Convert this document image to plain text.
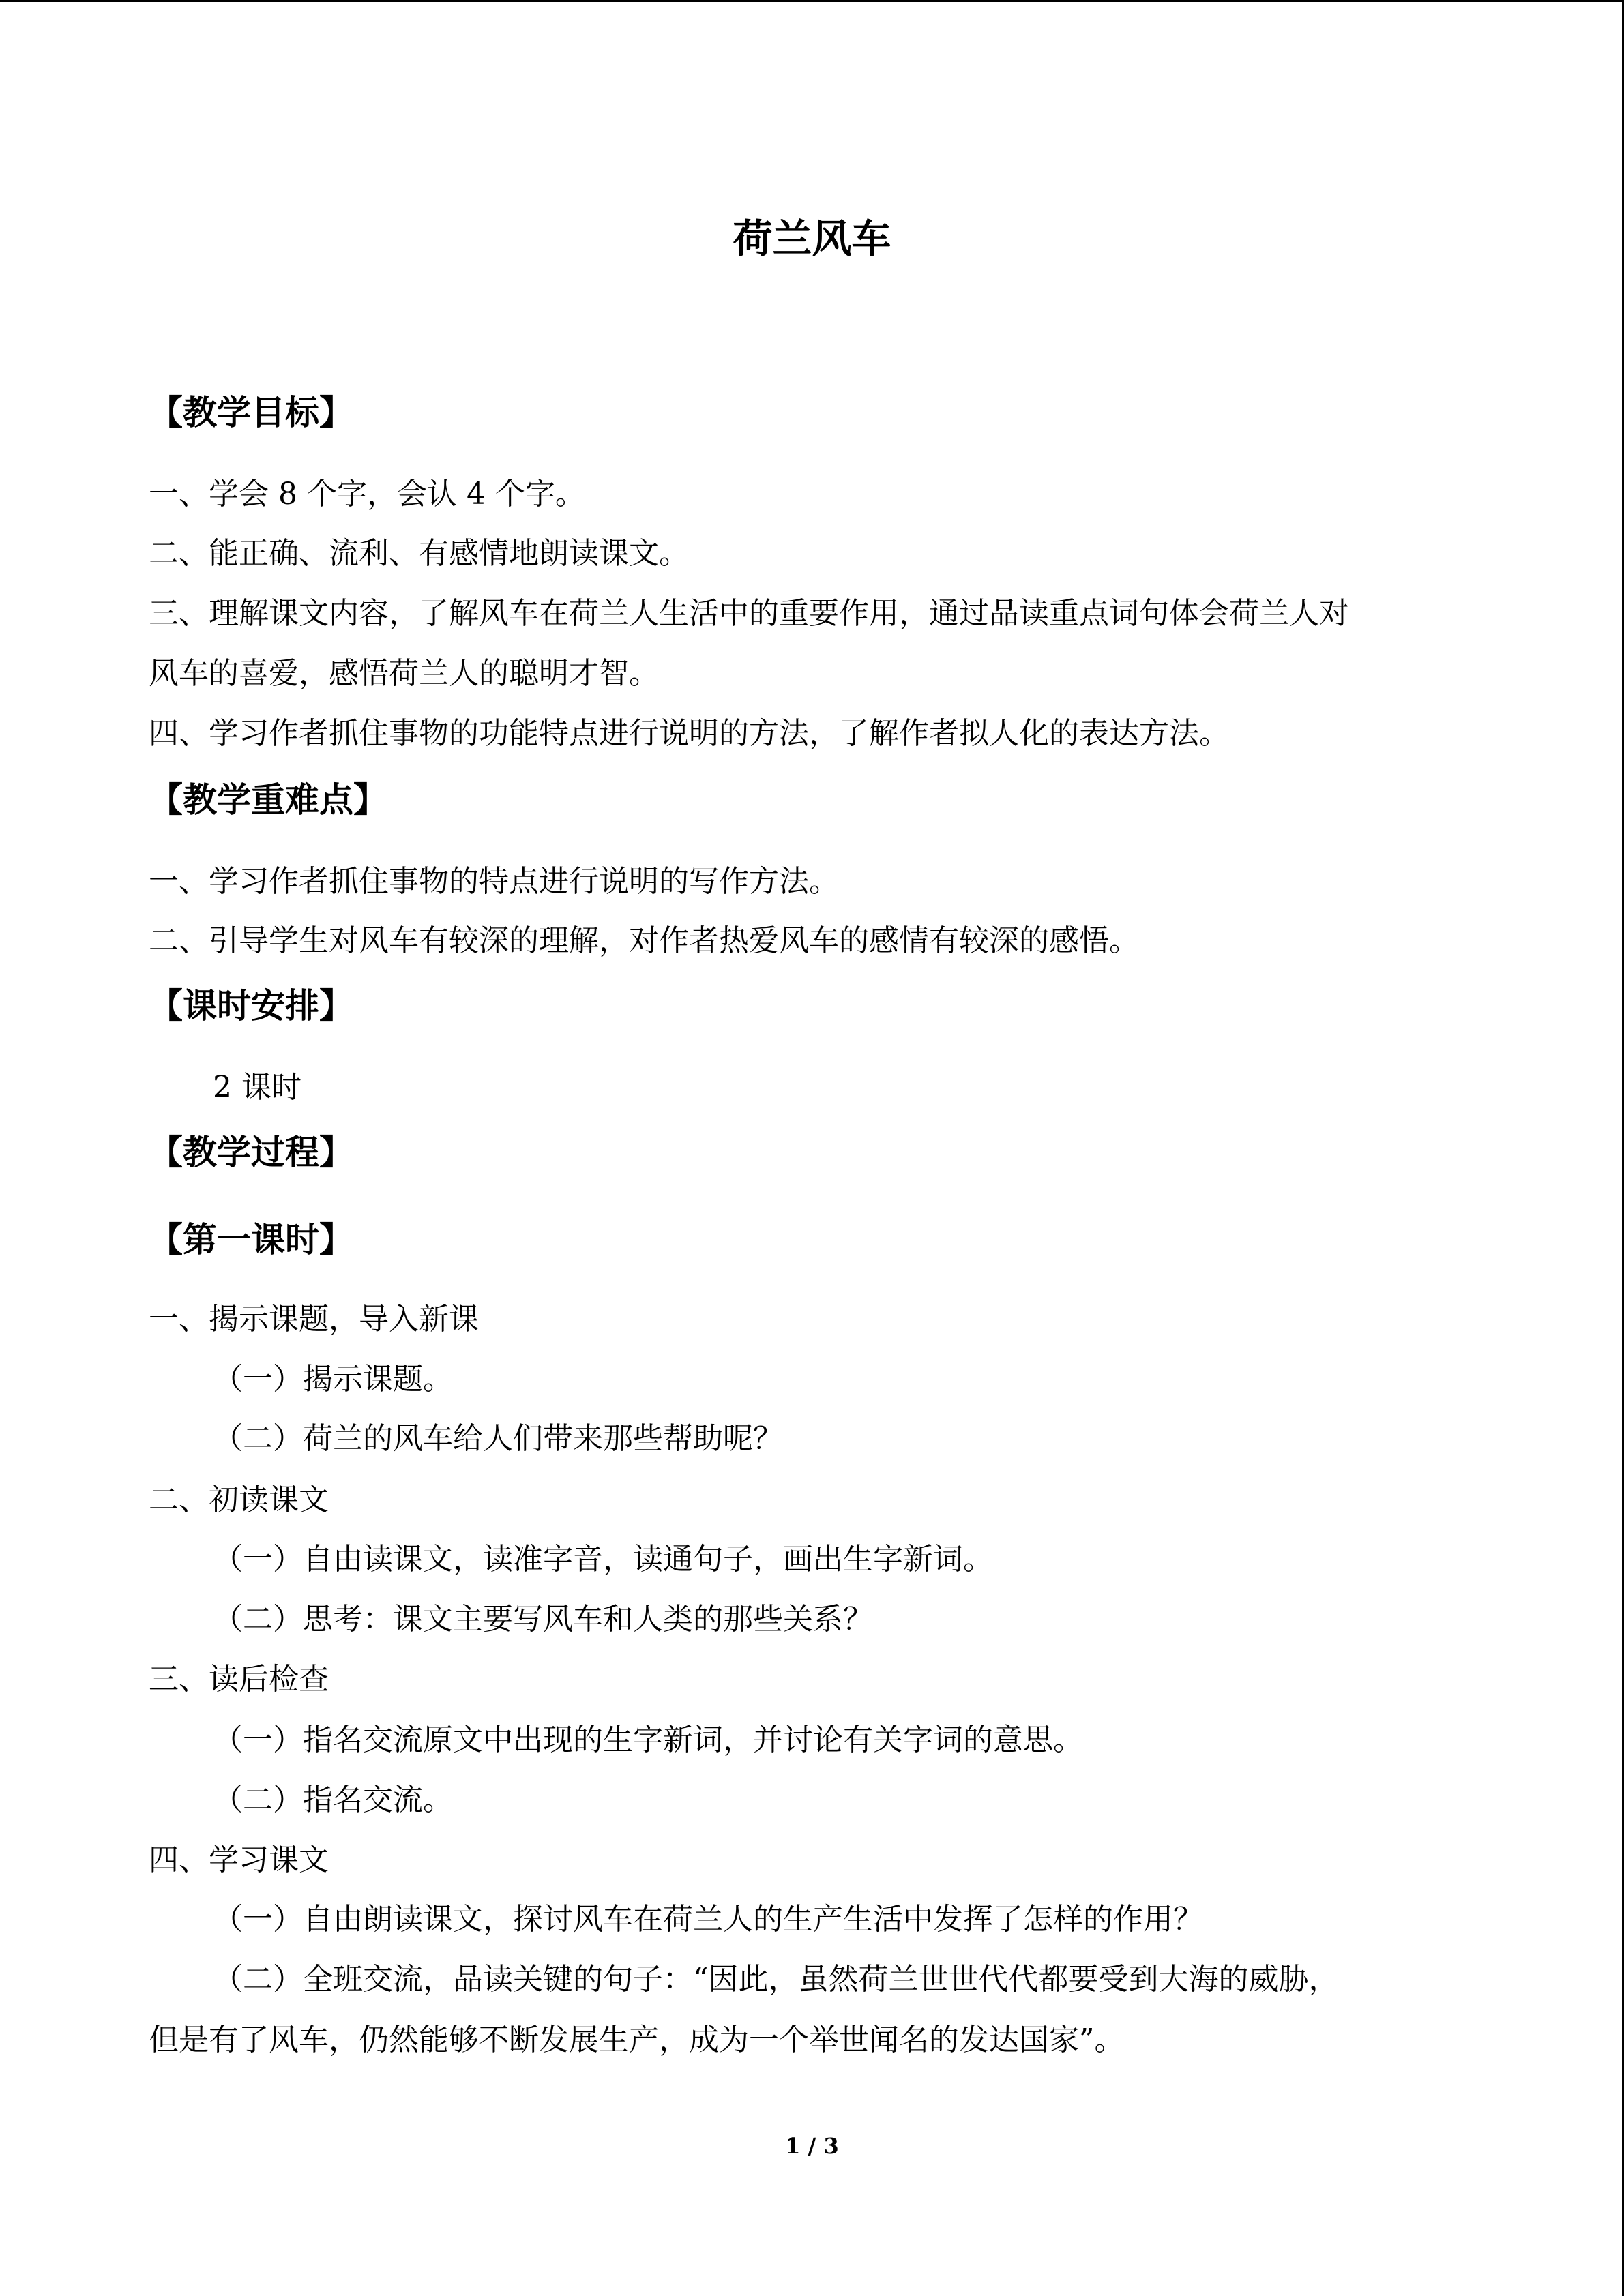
荷兰风车
【教学目标】
一、学会 8 个字，会认 4 个字。
二、能正确、流利、有感情地朗读课文。
三、理解课文内容，了解风车在荷兰人生活中的重要作用，通过品读重点词句体会荷兰人对
风车的喜爱，感悟荷兰人的聪明才智。
四、学习作者抓住事物的功能特点进行说明的方法，了解作者拟人化的表达方法。
【教学重难点】
一、学习作者抓住事物的特点进行说明的写作方法。
二、引导学生对风车有较深的理解，对作者热爱风车的感情有较深的感悟。
【课时安排】
2 课时
【教学过程】
【第一课时】
一、揭示课题，导入新课
（一）揭示课题。
（二）荷兰的风车给人们带来那些帮助呢？
二、初读课文
（一）自由读课文，读准字音，读通句子，画出生字新词。
（二）思考：课文主要写风车和人类的那些关系？
三、读后检查
（一）指名交流原文中出现的生字新词，并讨论有关字词的意思。
（二）指名交流。
四、学习课文
（一）自由朗读课文，探讨风车在荷兰人的生产生活中发挥了怎样的作用？
（二）全班交流，品读关键的句子：“因此，虽然荷兰世世代代都要受到大海的威胁，
但是有了风车，仍然能够不断发展生产，成为一个举世闻名的发达国家”。
1 / 3
